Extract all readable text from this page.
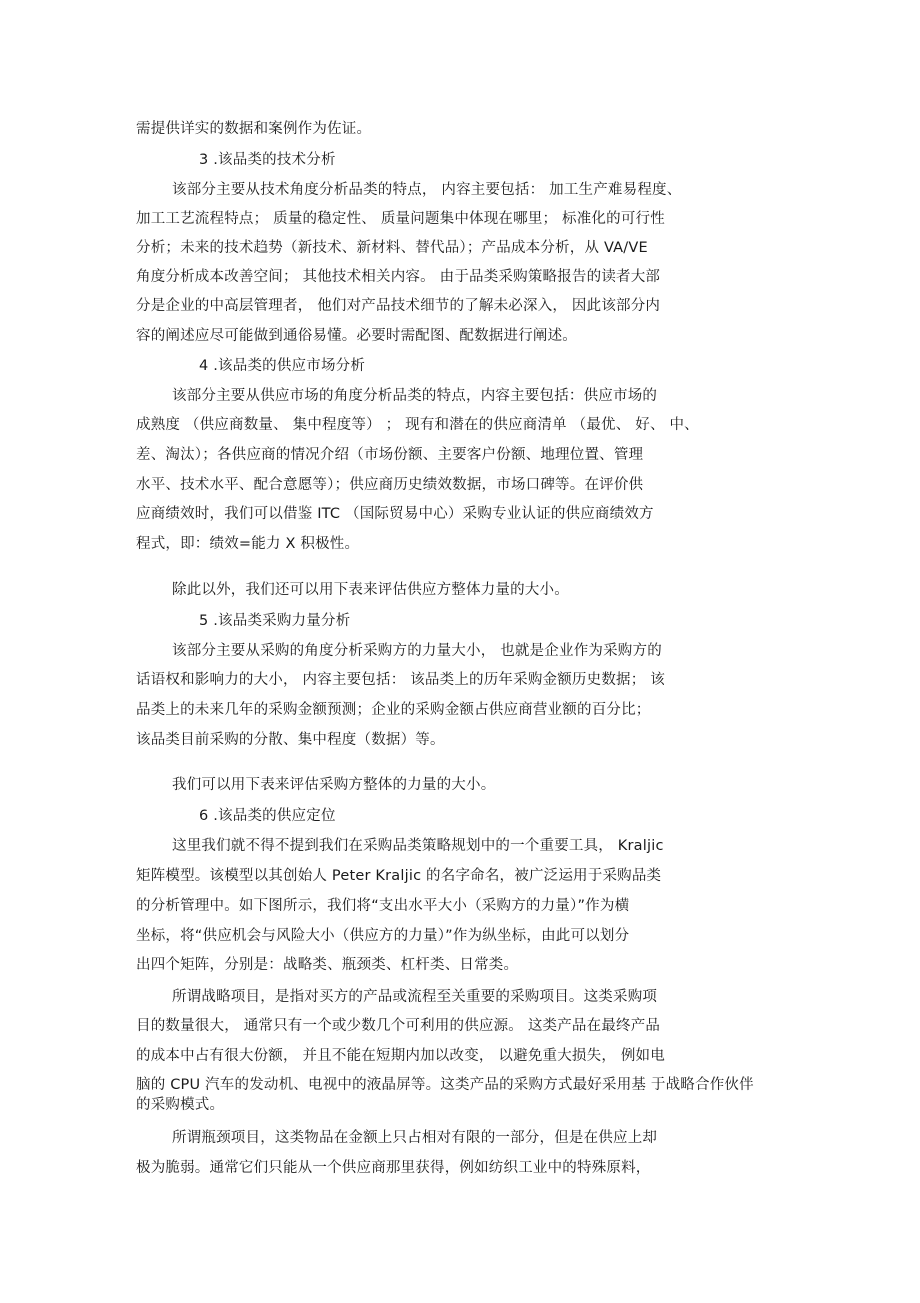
需提供详实的数据和案例作为佐证。
3 .该品类的技术分析
该部分主要从技术角度分析品类的特点， 内容主要包括： 加工生产难易程度、
加工工艺流程特点； 质量的稳定性、 质量问题集中体现在哪里； 标准化的可行性
分析；未来的技术趋势（新技术、新材料、替代品）；产品成本分析，从 VA/VE
角度分析成本改善空间； 其他技术相关内容。 由于品类采购策略报告的读者大部
分是企业的中高层管理者， 他们对产品技术细节的了解未必深入， 因此该部分内
容的阐述应尽可能做到通俗易懂。必要时需配图、配数据进行阐述。
4 .该品类的供应市场分析
该部分主要从供应市场的角度分析品类的特点，内容主要包括：供应市场的
成熟度 （供应商数量、 集中程度等） ； 现有和潜在的供应商清单 （最优、 好、 中、
差、淘汰）；各供应商的情况介绍（市场份额、主要客户份额、地理位置、管理
水平、技术水平、配合意愿等）；供应商历史绩效数据，市场口碑等。在评价供
应商绩效时，我们可以借鉴 ITC （国际贸易中心）采购专业认证的供应商绩效方
程式，即：绩效=能力 X 积极性。
除此以外，我们还可以用下表来评估供应方整体力量的大小。
5 .该品类采购力量分析
该部分主要从采购的角度分析采购方的力量大小， 也就是企业作为采购方的
话语权和影响力的大小， 内容主要包括： 该品类上的历年采购金额历史数据； 该
品类上的未来几年的采购金额预测；企业的采购金额占供应商营业额的百分比；
该品类目前采购的分散、集中程度（数据）等。
我们可以用下表来评估采购方整体的力量的大小。
6 .该品类的供应定位
这里我们就不得不提到我们在采购品类策略规划中的一个重要工具， Kraljic
矩阵模型。该模型以其创始人 Peter Kraljic 的名字命名，被广泛运用于采购品类
的分析管理中。如下图所示，我们将“支出水平大小（采购方的力量）”作为横
坐标，将“供应机会与风险大小（供应方的力量）”作为纵坐标，由此可以划分
出四个矩阵，分别是：战略类、瓶颈类、杠杆类、日常类。
所谓战略项目，是指对买方的产品或流程至关重要的采购项目。这类采购项
目的数量很大， 通常只有一个或少数几个可利用的供应源。 这类产品在最终产品
的成本中占有很大份额， 并且不能在短期内加以改变， 以避免重大损失， 例如电
脑的 CPU 汽车的发动机、电视中的液晶屏等。这类产品的采购方式最好采用基 于战略合作伙伴
的采购模式。
所谓瓶颈项目，这类物品在金额上只占相对有限的一部分，但是在供应上却
极为脆弱。通常它们只能从一个供应商那里获得，例如纺织工业中的特殊原料，
